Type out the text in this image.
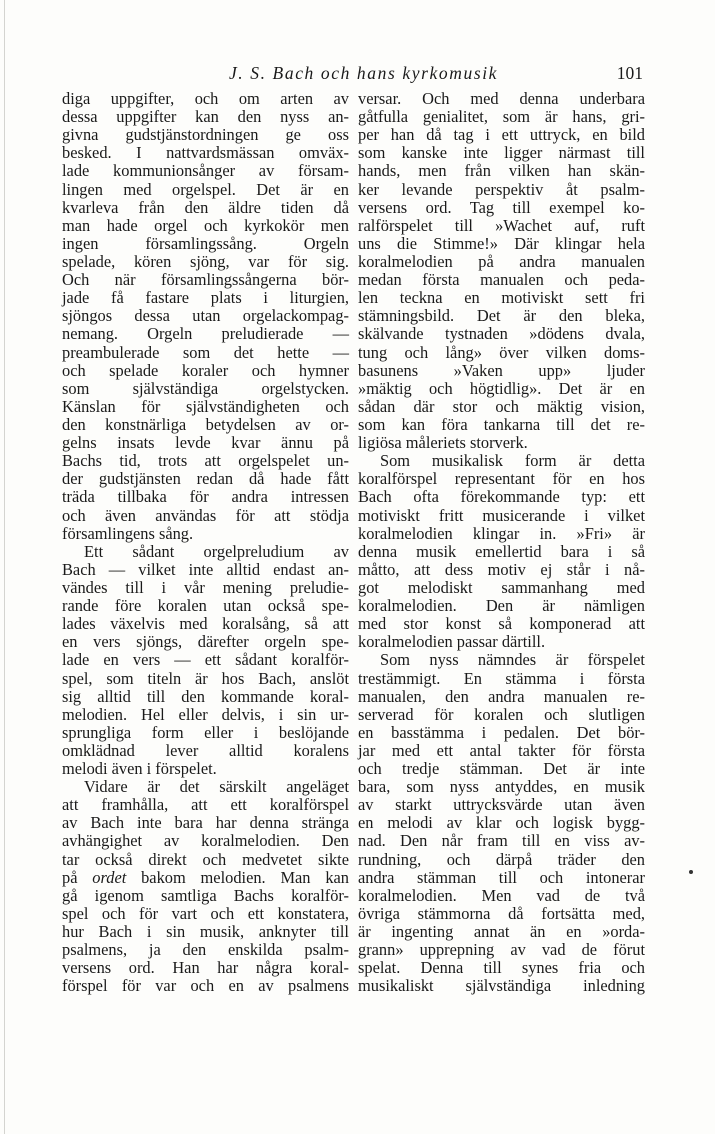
J. S. Bach och hans kyrkomusik	101
diga uppgifter, och om arten av
dessa uppgifter kan den nyss an-
givna gudstjänstordningen ge oss
besked. I nattvardsmässan omväx-
lade kommunionsånger av försam-
lingen med orgelspel. Det är en
kvarleva från den äldre tiden då
man hade orgel och kyrkokör men
ingen församlingssång. Orgeln
spelade, kören sjöng, var för sig.
Och när församlingssångerna bör-
jade få fastare plats i liturgien,
sjöngos dessa utan orgelackompag-
nemang. Orgeln preludierade —
preambulerade som det hette —
och spelade koraler och hymner
som självständiga orgelstycken.
Känslan för självständigheten och
den konstnärliga betydelsen av or-
gelns insats levde kvar ännu på
Bachs tid, trots att orgelspelet un-
der gudstjänsten redan då hade fått
träda tillbaka för andra intressen
och även användas för att stödja
församlingens sång.
Ett sådant orgelpreludium av
Bach — vilket inte alltid endast an-
vändes till i vår mening preludie-
rande före koralen utan också spe-
lades växelvis med koralsång, så att
en vers sjöngs, därefter orgeln spe-
lade en vers — ett sådant koralför-
spel, som titeln är hos Bach, anslöt
sig alltid till den kommande koral-
melodien. Hel eller delvis, i sin ur-
sprungliga form eller i beslöjande
omklädnad lever alltid koralens
melodi även i förspelet.
Vidare är det särskilt angeläget
att framhålla, att ett koralförspel
av Bach inte bara har denna stränga
avhängighet av koralmelodien. Den
tar också direkt och medvetet sikte
på ordet bakom melodien. Man kan
gå igenom samtliga Bachs koralför-
spel och för vart och ett konstatera,
hur Bach i sin musik, anknyter till
psalmens, ja den enskilda psalm-
versens ord. Han har några koral-
förspel för var och en av psalmens
versar. Och med denna underbara
gåtfulla genialitet, som är hans, gri-
per han då tag i ett uttryck, en bild
som kanske inte ligger närmast till
hands, men från vilken han skän-
ker levande perspektiv åt psalm-
versens ord. Tag till exempel ko-
ralförspelet till »Wachet auf, ruft
uns die Stimme!» Där klingar hela
koralmelodien på andra manualen
medan första manualen och peda-
len teckna en motiviskt sett fri
stämningsbild. Det är den bleka,
skälvande tystnaden »dödens dvala,
tung och lång» över vilken doms-
basunens »Vaken upp» ljuder
»mäktig och högtidlig». Det är en
sådan där stor och mäktig vision,
som kan föra tankarna till det re-
ligiösa måleriets storverk.
Som musikalisk form är detta
koralförspel representant för en hos
Bach ofta förekommande typ: ett
motiviskt fritt musicerande i vilket
koralmelodien klingar in. »Fri» är
denna musik emellertid bara i så
måtto, att dess motiv ej står i nå-
got melodiskt sammanhang med
koralmelodien. Den är nämligen
med stor konst så komponerad att
koralmelodien passar därtill.
Som nyss nämndes är förspelet
trestämmigt. En stämma i första
manualen, den andra manualen re-
serverad för koralen och slutligen
en basstämma i pedalen. Det bör-
jar med ett antal takter för första
och tredje stämman. Det är inte
bara, som nyss antyddes, en musik
av starkt uttrycksvärde utan även
en melodi av klar och logisk bygg-
nad. Den når fram till en viss av-
rundning, och därpå träder den
andra stämman till och intonerar
koralmelodien. Men vad de två
övriga stämmorna då fortsätta med,
är ingenting annat än en »orda-
grann» upprepning av vad de förut
spelat. Denna till synes fria och
musikaliskt självständiga inledning
